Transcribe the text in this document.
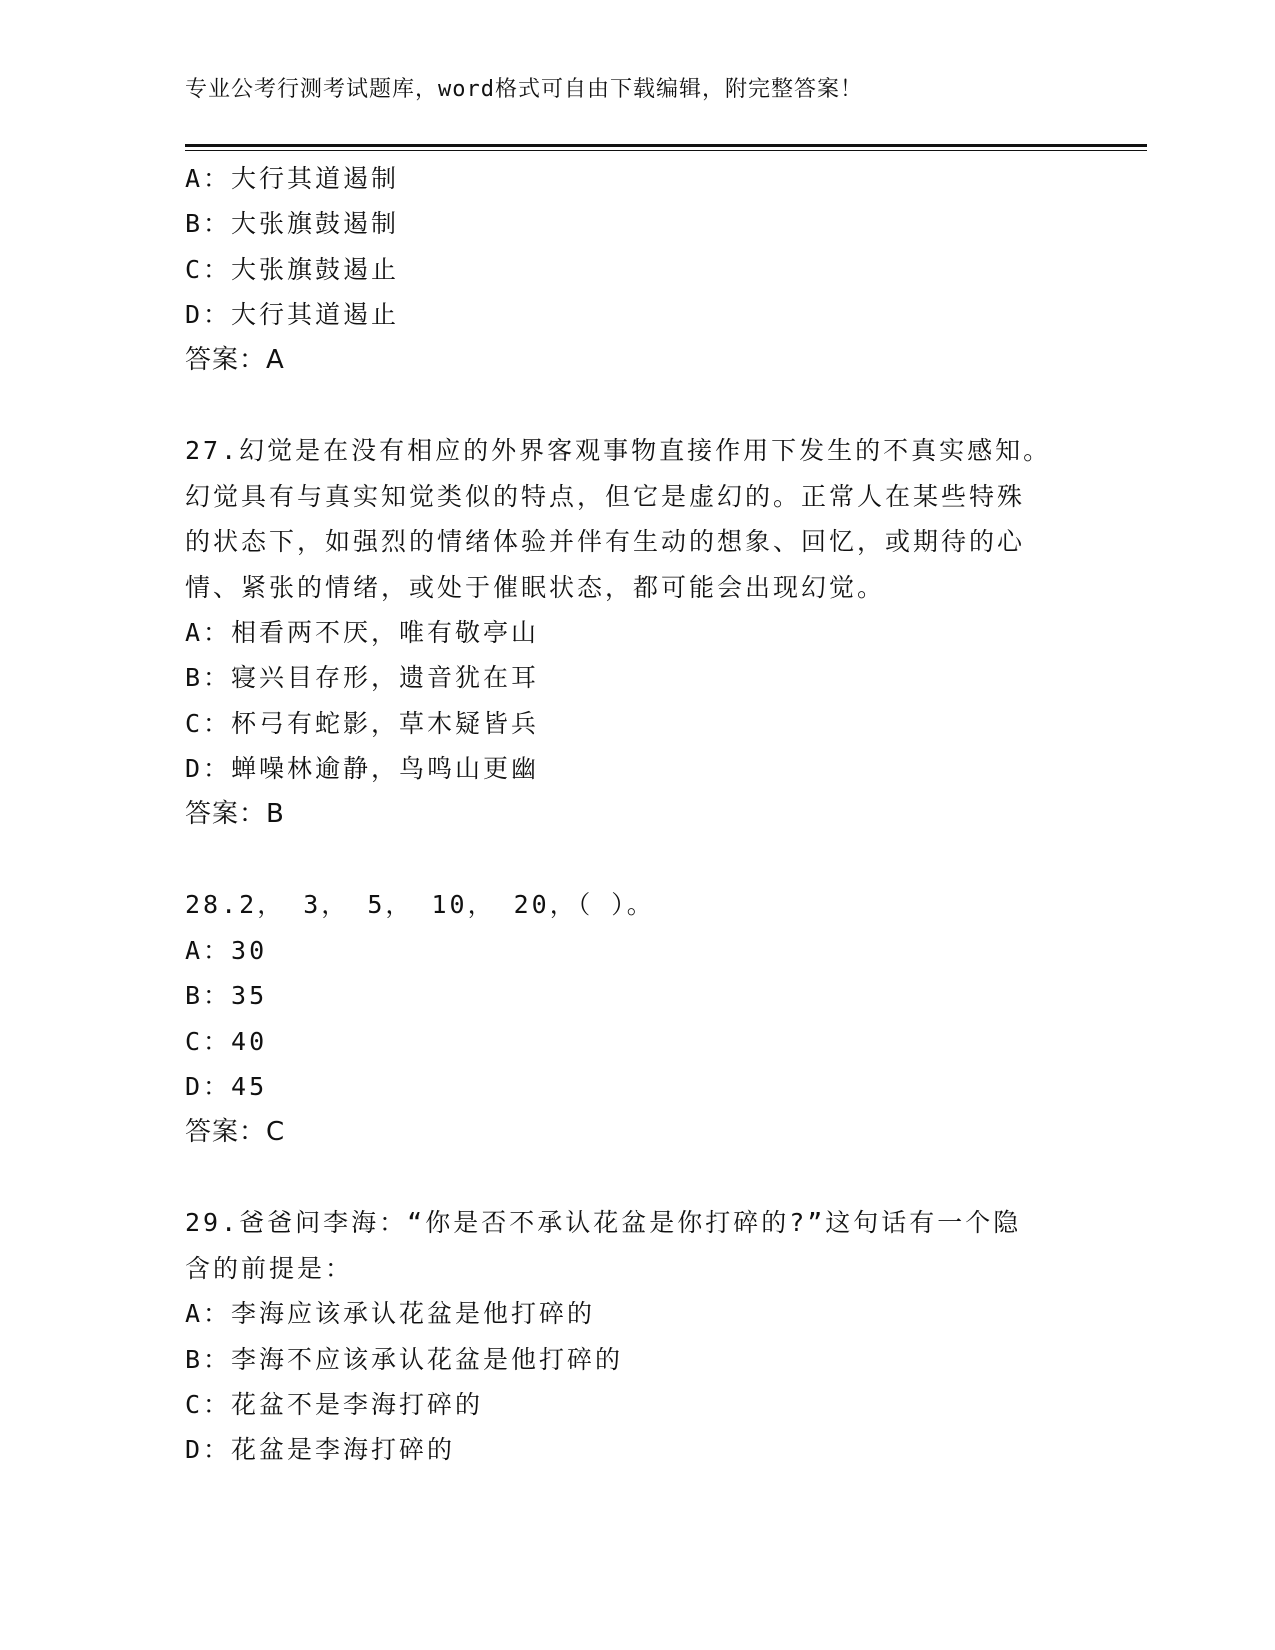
专业公考行测考试题库，word格式可自由下载编辑，附完整答案！
A：大行其道遏制
B：大张旗鼓遏制
C：大张旗鼓遏止
D：大行其道遏止
答案：A
27.幻觉是在没有相应的外界客观事物直接作用下发生的不真实感知。
幻觉具有与真实知觉类似的特点，但它是虚幻的。正常人在某些特殊
的状态下，如强烈的情绪体验并伴有生动的想象、回忆，或期待的心
情、紧张的情绪，或处于催眠状态，都可能会出现幻觉。
A：相看两不厌，唯有敬亭山
B：寝兴目存形，遗音犹在耳
C：杯弓有蛇影，草木疑皆兵
D：蝉噪林逾静，鸟鸣山更幽
答案：B
28.2， 3， 5， 10， 20，（ ）。
A：30
B：35
C：40
D：45
答案：C
29.爸爸问李海：“你是否不承认花盆是你打碎的?”这句话有一个隐
含的前提是：
A：李海应该承认花盆是他打碎的
B：李海不应该承认花盆是他打碎的
C：花盆不是李海打碎的
D：花盆是李海打碎的
